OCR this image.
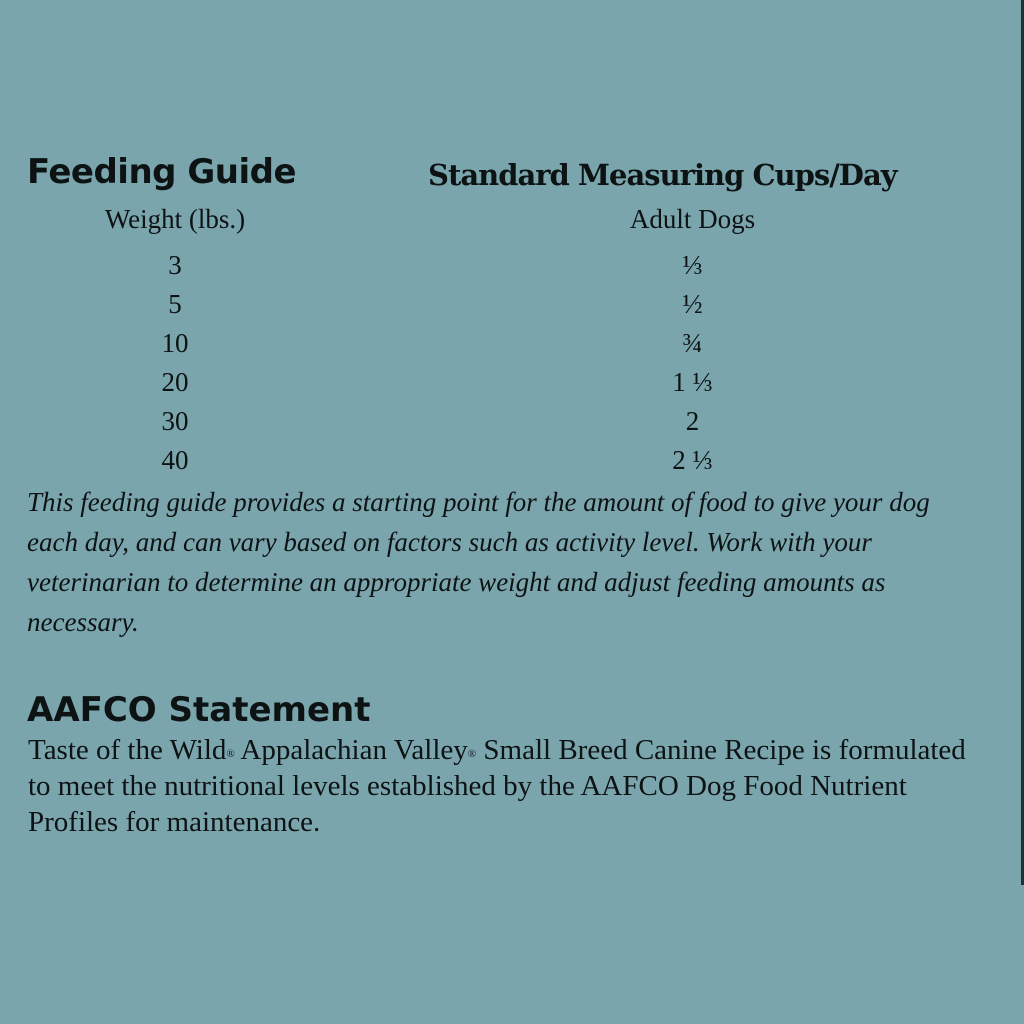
Feeding Guide	Standard Measuring Cups/Day
Weight (lbs.)	Adult Dogs
3	⅓
5	½
10	¾
20	1 ⅓
30	2
40	2 ⅓

This feeding guide provides a starting point for the amount of food to give your dog each day, and can vary based on factors such as activity level. Work with your veterinarian to determine an appropriate weight and adjust feeding amounts as necessary.

AAFCO Statement

Taste of the Wild® Appalachian Valley® Small Breed Canine Recipe is formulated to meet the nutritional levels established by the AAFCO Dog Food Nutrient Profiles for maintenance.
